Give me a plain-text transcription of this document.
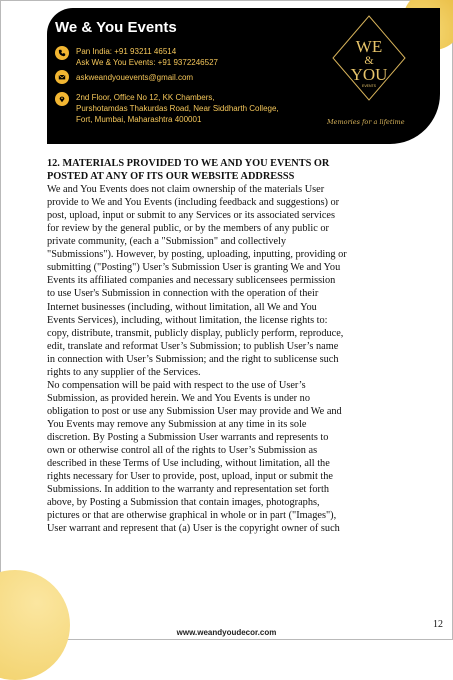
We & You Events
Pan India: +91 93211 46514
Ask We & You Events: +91 9372246527
askweandyouevents@gmail.com
2nd Floor, Office No 12, KK Chambers,
Purshotamdas Thakurdas Road, Near Siddharth College,
Fort, Mumbai, Maharashtra 400001
WE
&
YOU
EVENTS
Memories for a lifetime

12. MATERIALS PROVIDED TO WE AND YOU EVENTS OR
POSTED AT ANY OF ITS OUR WEBSITE ADDRESSS

We and You Events does not claim ownership of the materials User
provide to We and You Events (including feedback and suggestions) or
post, upload, input or submit to any Services or its associated services
for review by the general public, or by the members of any public or
private community, (each a "Submission" and collectively
"Submissions"). However, by posting, uploading, inputting, providing or
submitting ("Posting") User’s Submission User is granting We and You
Events its affiliated companies and necessary sublicensees permission
to use User's Submission in connection with the operation of their
Internet businesses (including, without limitation, all We and You
Events Services), including, without limitation, the license rights to:
copy, distribute, transmit, publicly display, publicly perform, reproduce,
edit, translate and reformat User’s Submission; to publish User’s name
in connection with User’s Submission; and the right to sublicense such
rights to any supplier of the Services.

No compensation will be paid with respect to the use of User’s
Submission, as provided herein. We and You Events is under no
obligation to post or use any Submission User may provide and We and
You Events may remove any Submission at any time in its sole
discretion. By Posting a Submission User warrants and represents to
own or otherwise control all of the rights to User’s Submission as
described in these Terms of Use including, without limitation, all the
rights necessary for User to provide, post, upload, input or submit the
Submissions. In addition to the warranty and representation set forth
above, by Posting a Submission that contain images, photographs,
pictures or that are otherwise graphical in whole or in part ("Images"),
User warrant and represent that (a) User is the copyright owner of such

www.weandyoudecor.com
12
